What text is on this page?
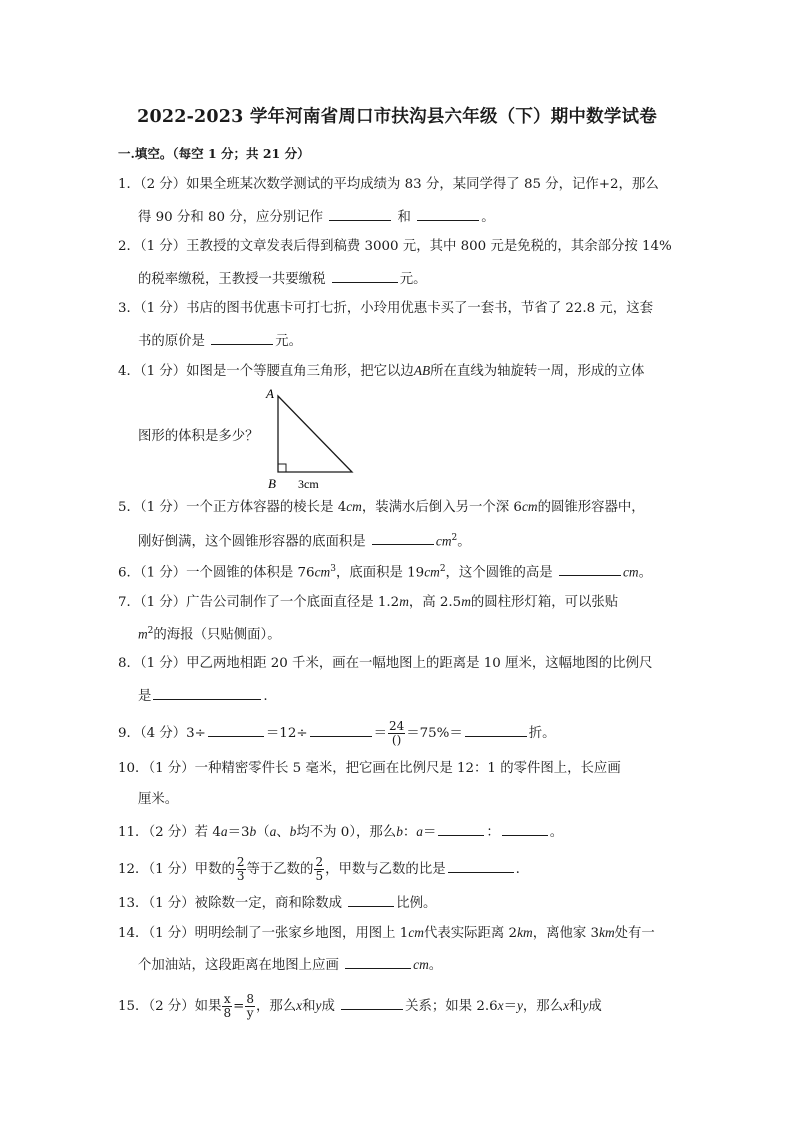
2022-2023 学年河南省周口市扶沟县六年级（下）期中数学试卷
一.填空。（每空 1 分；共 21 分）
1．（2 分）如果全班某次数学测试的平均成绩为 83 分，某同学得了 85 分，记作+2，那么
得 90 分和 80 分，应分别记作	和	。
2．（1 分）王教授的文章发表后得到稿费 3000 元，其中 800 元是免税的，其余部分按 14%
的税率缴税，王教授一共要缴税	元。
3．（1 分）书店的图书优惠卡可打七折，小玲用优惠卡买了一套书，节省了 22.8 元，这套
书的原价是	元。
4．（1 分）如图是一个等腰直角三角形，把它以边AB所在直线为轴旋转一周，形成的立体
图形的体积是多少？
A
B 3cm
5．（1 分）一个正方体容器的棱长是 4cm，装满水后倒入另一个深 6cm的圆锥形容器中，
刚好倒满，这个圆锥形容器的底面积是	$cm^2$。
6．（1 分）一个圆锥的体积是 $76cm^3$，底面积是 $19cm^2$，这个圆锥的高是	cm。
7．（1 分）广告公司制作了一个底面直径是 1.2m，高 2.5m的圆柱形灯箱，可以张贴
$m^2$的海报（只贴侧面）。
8．（1 分）甲乙两地相距 20 千米，画在一幅地图上的距离是 10 厘米，这幅地图的比例尺
是	.
9．（4 分）3÷	＝12÷	＝ $\frac{24}{()} =75\%=$	折。
10．（1 分）一种精密零件长 5 毫米，把它画在比例尺是 12：1 的零件图上，长应画
厘米。
11．（2 分）若 4a＝3b（a、b均不为 0），那么b：a＝	：	。
12．（1 分）甲数的 $\frac{2}{3}$ 等于乙数的 $\frac{2}{5}$ ，甲数与乙数的比是	.
13．（1 分）被除数一定，商和除数成	比例。
14．（1 分）明明绘制了一张家乡地图，用图上 1cm代表实际距离 2km，离他家 3km处有一
个加油站，这段距离在地图上应画	cm。
15．（2 分）如果 $\frac{x}{8} = \frac{8}{y}$ ，那么x和y成	关系；如果 2.6x＝y，那么x和y成
